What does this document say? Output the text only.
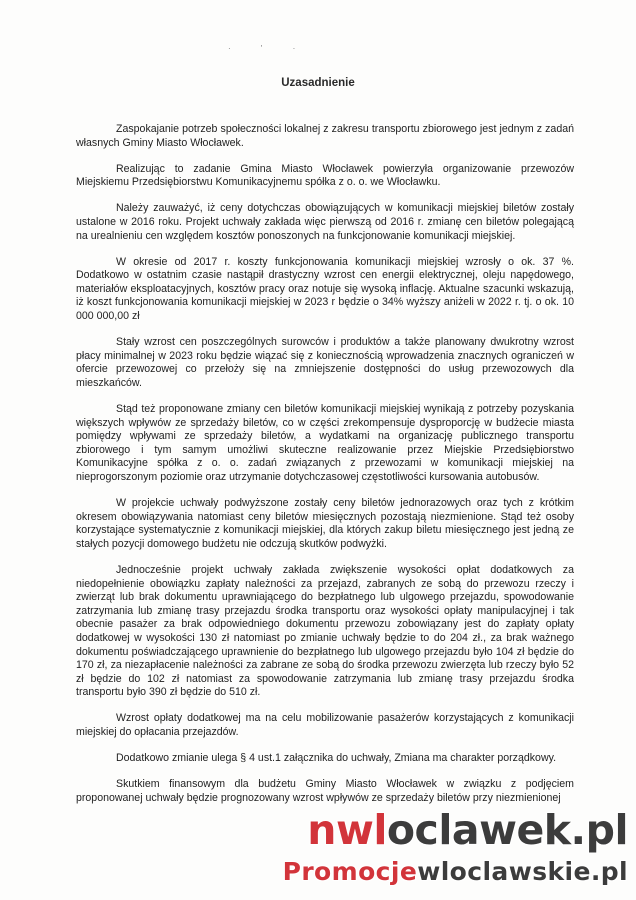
· ' ·
Uzasadnienie

Zaspokajanie potrzeb społeczności lokalnej z zakresu transportu zbiorowego jest jednym z zadań własnych Gminy Miasto Włocławek.

Realizując to zadanie Gmina Miasto Włocławek powierzyła organizowanie przewozów Miejskiemu Przedsiębiorstwu Komunikacyjnemu spółka z o. o. we Włocławku.

Należy zauważyć, iż ceny dotychczas obowiązujących w komunikacji miejskiej biletów zostały ustalone w 2016 roku. Projekt uchwały zakłada więc pierwszą od 2016 r. zmianę cen biletów polegającą na urealnieniu cen względem kosztów ponoszonych na funkcjonowanie komunikacji miejskiej.

W okresie od 2017 r. koszty funkcjonowania komunikacji miejskiej wzrosły o ok. 37 %. Dodatkowo w ostatnim czasie nastąpił drastyczny wzrost cen energii elektrycznej, oleju napędowego, materiałów eksploatacyjnych, kosztów pracy oraz notuje się wysoką inflację. Aktualne szacunki wskazują, iż koszt funkcjonowania komunikacji miejskiej w 2023 r będzie o 34% wyższy aniżeli w 2022 r. tj. o ok. 10 000 000,00 zł

Stały wzrost cen poszczególnych surowców i produktów a także planowany dwukrotny wzrost płacy minimalnej w 2023 roku będzie wiązać się z koniecznością wprowadzenia znacznych ograniczeń w ofercie przewozowej co przełoży się na zmniejszenie dostępności do usług przewozowych dla mieszkańców.

Stąd też proponowane zmiany cen biletów komunikacji miejskiej wynikają z potrzeby pozyskania większych wpływów ze sprzedaży biletów, co w części zrekompensuje dysproporcję w budżecie miasta pomiędzy wpływami ze sprzedaży biletów, a wydatkami na organizację publicznego transportu zbiorowego i tym samym umożliwi skuteczne realizowanie przez Miejskie Przedsiębiorstwo Komunikacyjne spółka z o. o. zadań związanych z przewozami w komunikacji miejskiej na nieprogorszonym poziomie oraz utrzymanie dotychczasowej częstotliwości kursowania autobusów.

W projekcie uchwały podwyższone zostały ceny biletów jednorazowych oraz tych z krótkim okresem obowiązywania natomiast ceny biletów miesięcznych pozostają niezmienione. Stąd też osoby korzystające systematycznie z komunikacji miejskiej, dla których zakup biletu miesięcznego jest jedną ze stałych pozycji domowego budżetu nie odczują skutków podwyżki.

Jednocześnie projekt uchwały zakłada zwiększenie wysokości opłat dodatkowych za niedopełnienie obowiązku zapłaty należności za przejazd, zabranych ze sobą do przewozu rzeczy i zwierząt lub brak dokumentu uprawniającego do bezpłatnego lub ulgowego przejazdu, spowodowanie zatrzymania lub zmianę trasy przejazdu środka transportu oraz wysokości opłaty manipulacyjnej i tak obecnie pasażer za brak odpowiedniego dokumentu przewozu zobowiązany jest do zapłaty opłaty dodatkowej w wysokości 130 zł natomiast po zmianie uchwały będzie to do 204 zł., za brak ważnego dokumentu poświadczającego uprawnienie do bezpłatnego lub ulgowego przejazdu było 104 zł będzie do 170 zł, za niezapłacenie należności za zabrane ze sobą do środka przewozu zwierzęta lub rzeczy było 52 zł będzie do 102 zł natomiast za spowodowanie zatrzymania lub zmianę trasy przejazdu środka transportu było 390 zł będzie do 510 zł.

Wzrost opłaty dodatkowej ma na celu mobilizowanie pasażerów korzystających z komunikacji miejskiej do opłacania przejazdów.

Dodatkowo zmianie ulega § 4 ust.1 załącznika do uchwały, Zmiana ma charakter porządkowy.

Skutkiem finansowym dla budżetu Gminy Miasto Włocławek w związku z podjęciem proponowanej uchwały będzie prognozowany wzrost wpływów ze sprzedaży biletów przy niezmienionej

nwloclawek.pl
Promocjewloclawskie.pl
